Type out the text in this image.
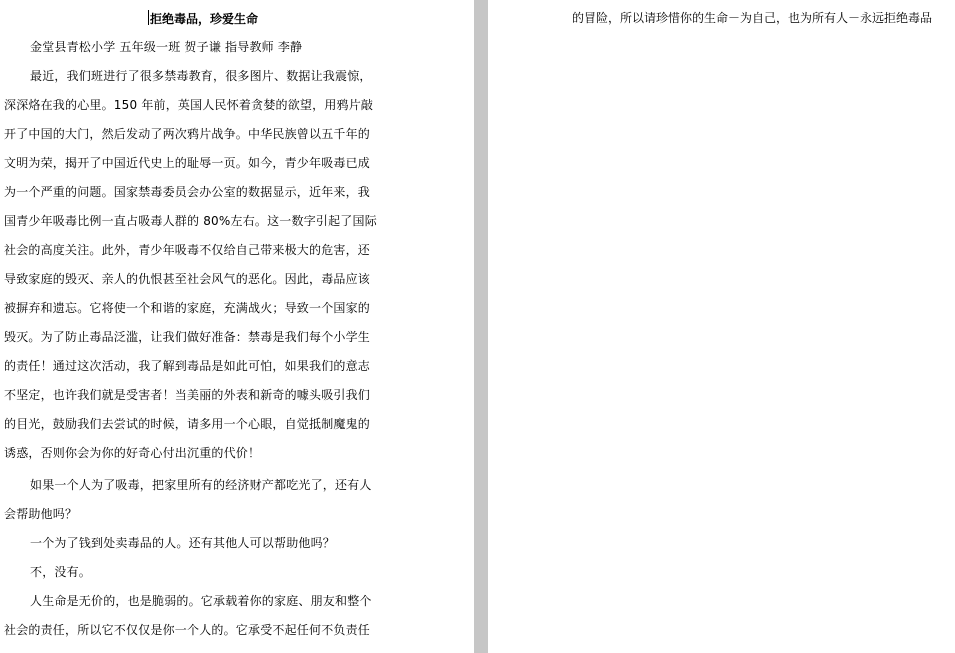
拒绝毒品，珍爱生命
金堂县青松小学 五年级一班 贺子谦 指导教师 李静
最近，我们班进行了很多禁毒教育，很多图片、数据让我震惊，
深深烙在我的心里。150 年前，英国人民怀着贪婪的欲望，用鸦片敲
开了中国的大门，然后发动了两次鸦片战争。中华民族曾以五千年的
文明为荣，揭开了中国近代史上的耻辱一页。如今，青少年吸毒已成
为一个严重的问题。国家禁毒委员会办公室的数据显示，近年来，我
国青少年吸毒比例一直占吸毒人群的 80%左右。这一数字引起了国际
社会的高度关注。此外，青少年吸毒不仅给自己带来极大的危害，还
导致家庭的毁灭、亲人的仇恨甚至社会风气的恶化。因此，毒品应该
被摒弃和遗忘。它将使一个和谐的家庭，充满战火；导致一个国家的
毁灭。为了防止毒品泛滥，让我们做好准备：禁毒是我们每个小学生
的责任！通过这次活动，我了解到毒品是如此可怕，如果我们的意志
不坚定，也许我们就是受害者！当美丽的外表和新奇的噱头吸引我们
的目光，鼓励我们去尝试的时候，请多用一个心眼，自觉抵制魔鬼的
诱惑，否则你会为你的好奇心付出沉重的代价！
如果一个人为了吸毒，把家里所有的经济财产都吃光了，还有人
会帮助他吗？
一个为了钱到处卖毒品的人。还有其他人可以帮助他吗？
不，没有。
人生命是无价的，也是脆弱的。它承载着你的家庭、朋友和整个
社会的责任，所以它不仅仅是你一个人的。它承受不起任何不负责任
的冒险，所以请珍惜你的生命－为自己，也为所有人－永远拒绝毒品
